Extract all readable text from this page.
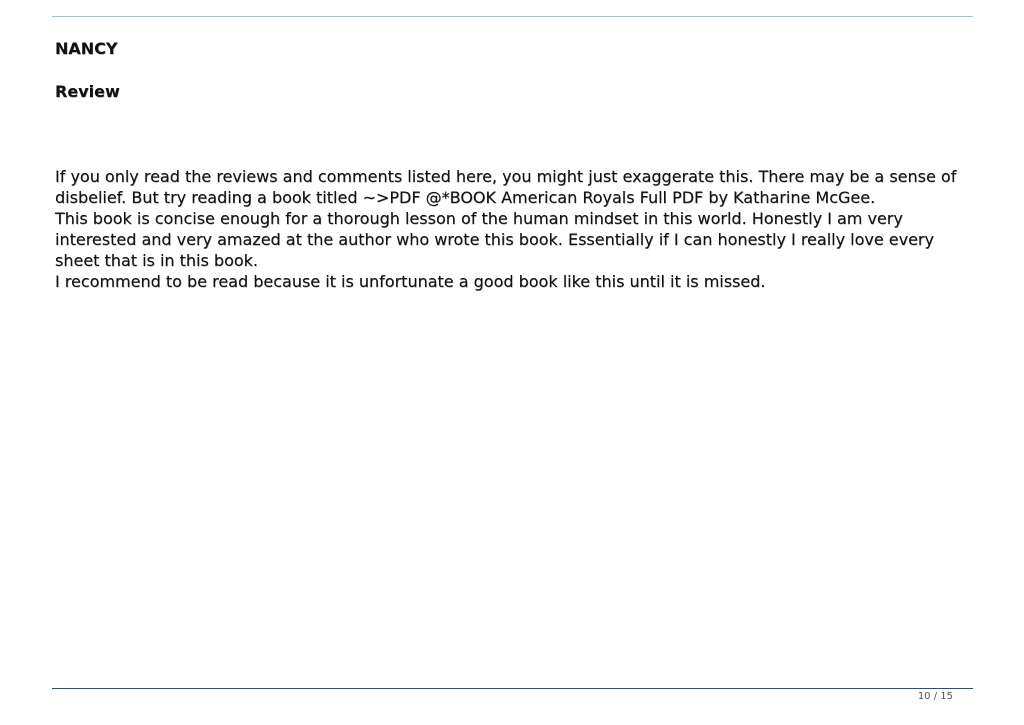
NANCY
Review

If you only read the reviews and comments listed here, you might just exaggerate this. There may be a sense of disbelief. But try reading a book titled ~>PDF @*BOOK American Royals Full PDF by Katharine McGee.

This book is concise enough for a thorough lesson of the human mindset in this world. Honestly I am very interested and very amazed at the author who wrote this book. Essentially if I can honestly I really love every sheet that is in this book.

I recommend to be read because it is unfortunate a good book like this until it is missed.

10 / 15
